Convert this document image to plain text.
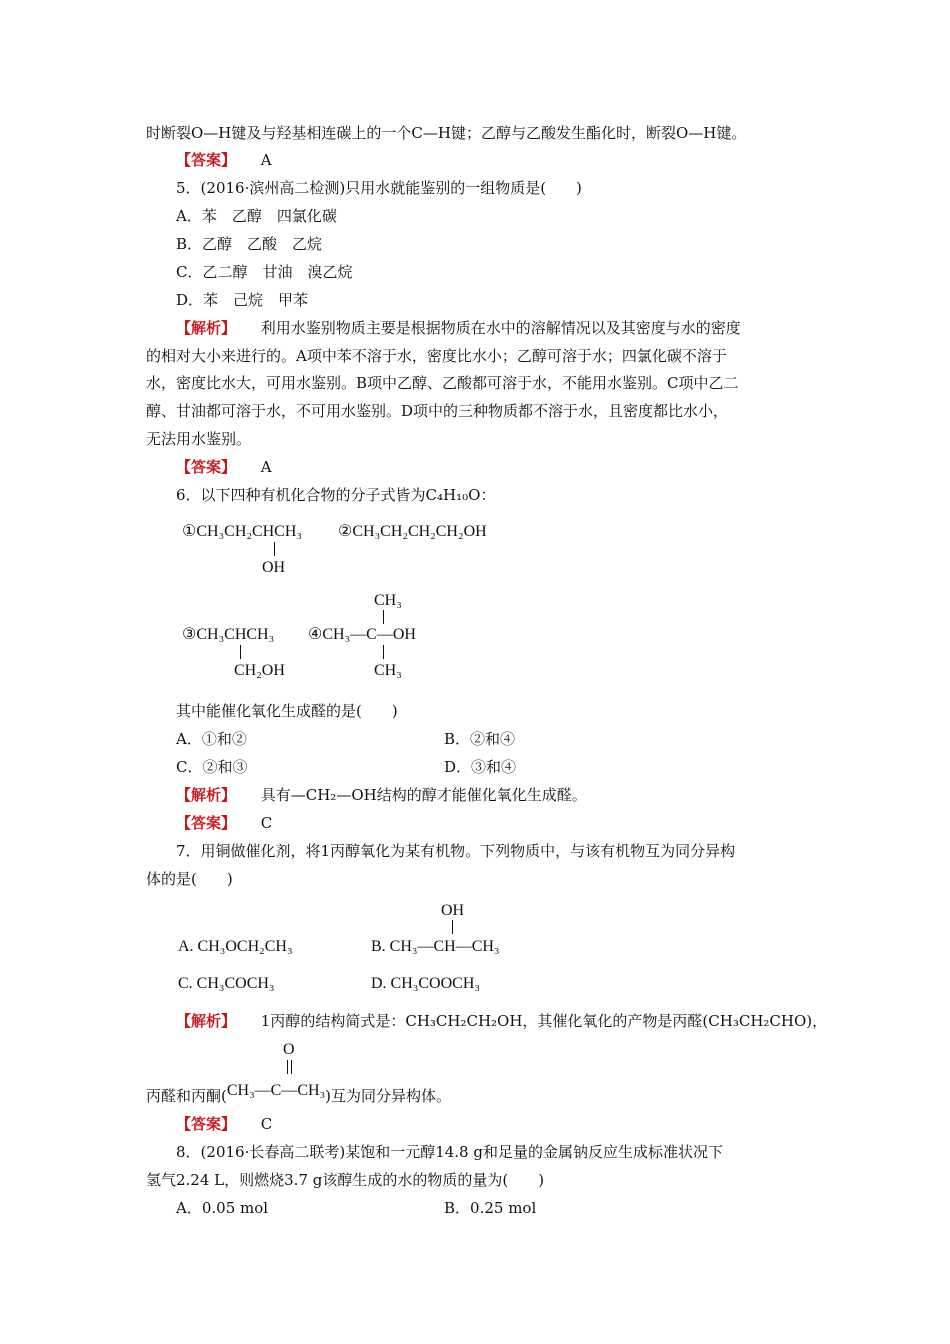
时断裂O—H键及与羟基相连碳上的一个C—H键；乙醇与乙酸发生酯化时，断裂O—H键。
【答案】 A
5．(2016·滨州高二检测)只用水就能鉴别的一组物质是(　　)
A．苯　乙醇　四氯化碳
B．乙醇　乙酸　乙烷
C．乙二醇　甘油　溴乙烷
D．苯　己烷　甲苯
【解析】 利用水鉴别物质主要是根据物质在水中的溶解情况以及其密度与水的密度
的相对大小来进行的。A项中苯不溶于水，密度比水小；乙醇可溶于水；四氯化碳不溶于
水，密度比水大，可用水鉴别。B项中乙醇、乙酸都可溶于水，不能用水鉴别。C项中乙二
醇、甘油都可溶于水，不可用水鉴别。D项中的三种物质都不溶于水，且密度都比水小，
无法用水鉴别。
【答案】 A
6．以下四种有机化合物的分子式皆为C₄H₁₀O：
①CH₃CH₂CHCH₃
OH
②CH₃CH₂CH₂CH₂OH
③CH₃CHCH₃
CH₂OH
CH₃
④CH₃—C—OH
CH₃
其中能催化氧化生成醛的是(　　)
A．①和②	B．②和④
C．②和③	D．③和④
【解析】 具有—CH₂—OH结构的醇才能催化氧化生成醛。
【答案】 C
7．用铜做催化剂，将1丙醇氧化为某有机物。下列物质中，与该有机物互为同分异构
体的是(　　)
A. CH₃OCH₂CH₃
OH
B. CH₃—CH—CH₃
C. CH₃COCH₃	D. CH₃COOCH₃
【解析】 1丙醇的结构简式是：CH₃CH₂CH₂OH，其催化氧化的产物是丙醛(CH₃CH₂CHO)，
O
丙醛和丙酮(CH₃—C—CH₃)互为同分异构体。
【答案】 C
8．(2016·长春高二联考)某饱和一元醇14.8 g和足量的金属钠反应生成标准状况下
氢气2.24 L，则燃烧3.7 g该醇生成的水的物质的量为(　　)
A．0.05 mol	B．0.25 mol
